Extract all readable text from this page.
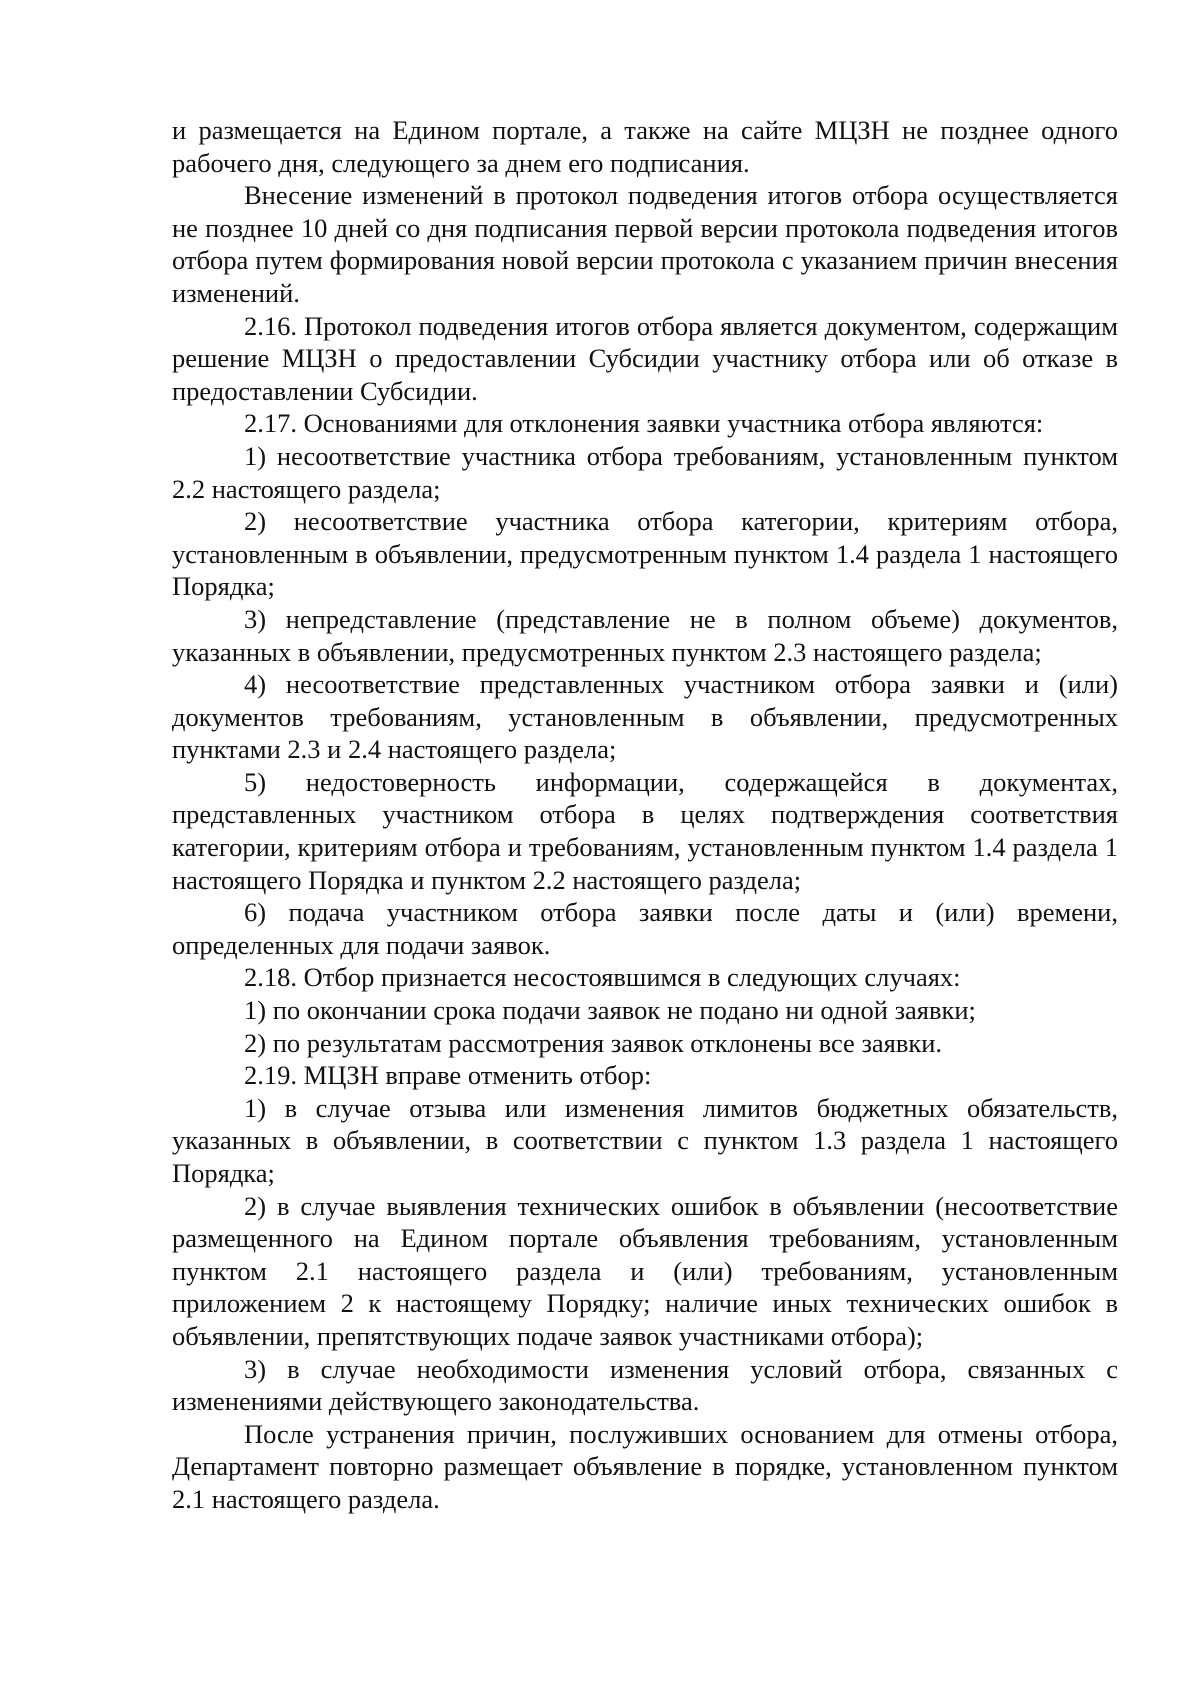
и размещается на Едином портале, а также на сайте МЦЗН не позднее одного рабочего дня, следующего за днем его подписания.

Внесение изменений в протокол подведения итогов отбора осуществляется не позднее 10 дней со дня подписания первой версии протокола подведения итогов отбора путем формирования новой версии протокола с указанием причин внесения изменений.

2.16. Протокол подведения итогов отбора является документом, содержащим решение МЦЗН о предоставлении Субсидии участнику отбора или об отказе в предоставлении Субсидии.

2.17. Основаниями для отклонения заявки участника отбора являются:

1) несоответствие участника отбора требованиям, установленным пунктом 2.2 настоящего раздела;

2) несоответствие участника отбора категории, критериям отбора, установленным в объявлении, предусмотренным пунктом 1.4 раздела 1 настоящего Порядка;

3) непредставление (представление не в полном объеме) документов, указанных в объявлении, предусмотренных пунктом 2.3 настоящего раздела;

4) несоответствие представленных участником отбора заявки и (или) документов требованиям, установленным в объявлении, предусмотренных пунктами 2.3 и 2.4 настоящего раздела;

5) недостоверность информации, содержащейся в документах, представленных участником отбора в целях подтверждения соответствия категории, критериям отбора и требованиям, установленным пунктом 1.4 раздела 1 настоящего Порядка и пунктом 2.2 настоящего раздела;

6) подача участником отбора заявки после даты и (или) времени, определенных для подачи заявок.

2.18. Отбор признается несостоявшимся в следующих случаях:

1) по окончании срока подачи заявок не подано ни одной заявки;

2) по результатам рассмотрения заявок отклонены все заявки.

2.19. МЦЗН вправе отменить отбор:

1) в случае отзыва или изменения лимитов бюджетных обязательств, указанных в объявлении, в соответствии с пунктом 1.3 раздела 1 настоящего Порядка;

2) в случае выявления технических ошибок в объявлении (несоответствие размещенного на Едином портале объявления требованиям, установленным пунктом 2.1 настоящего раздела и (или) требованиям, установленным приложением 2 к настоящему Порядку; наличие иных технических ошибок в объявлении, препятствующих подаче заявок участниками отбора);

3) в случае необходимости изменения условий отбора, связанных с изменениями действующего законодательства.

После устранения причин, послуживших основанием для отмены отбора, Департамент повторно размещает объявление в порядке, установленном пунктом 2.1 настоящего раздела.
